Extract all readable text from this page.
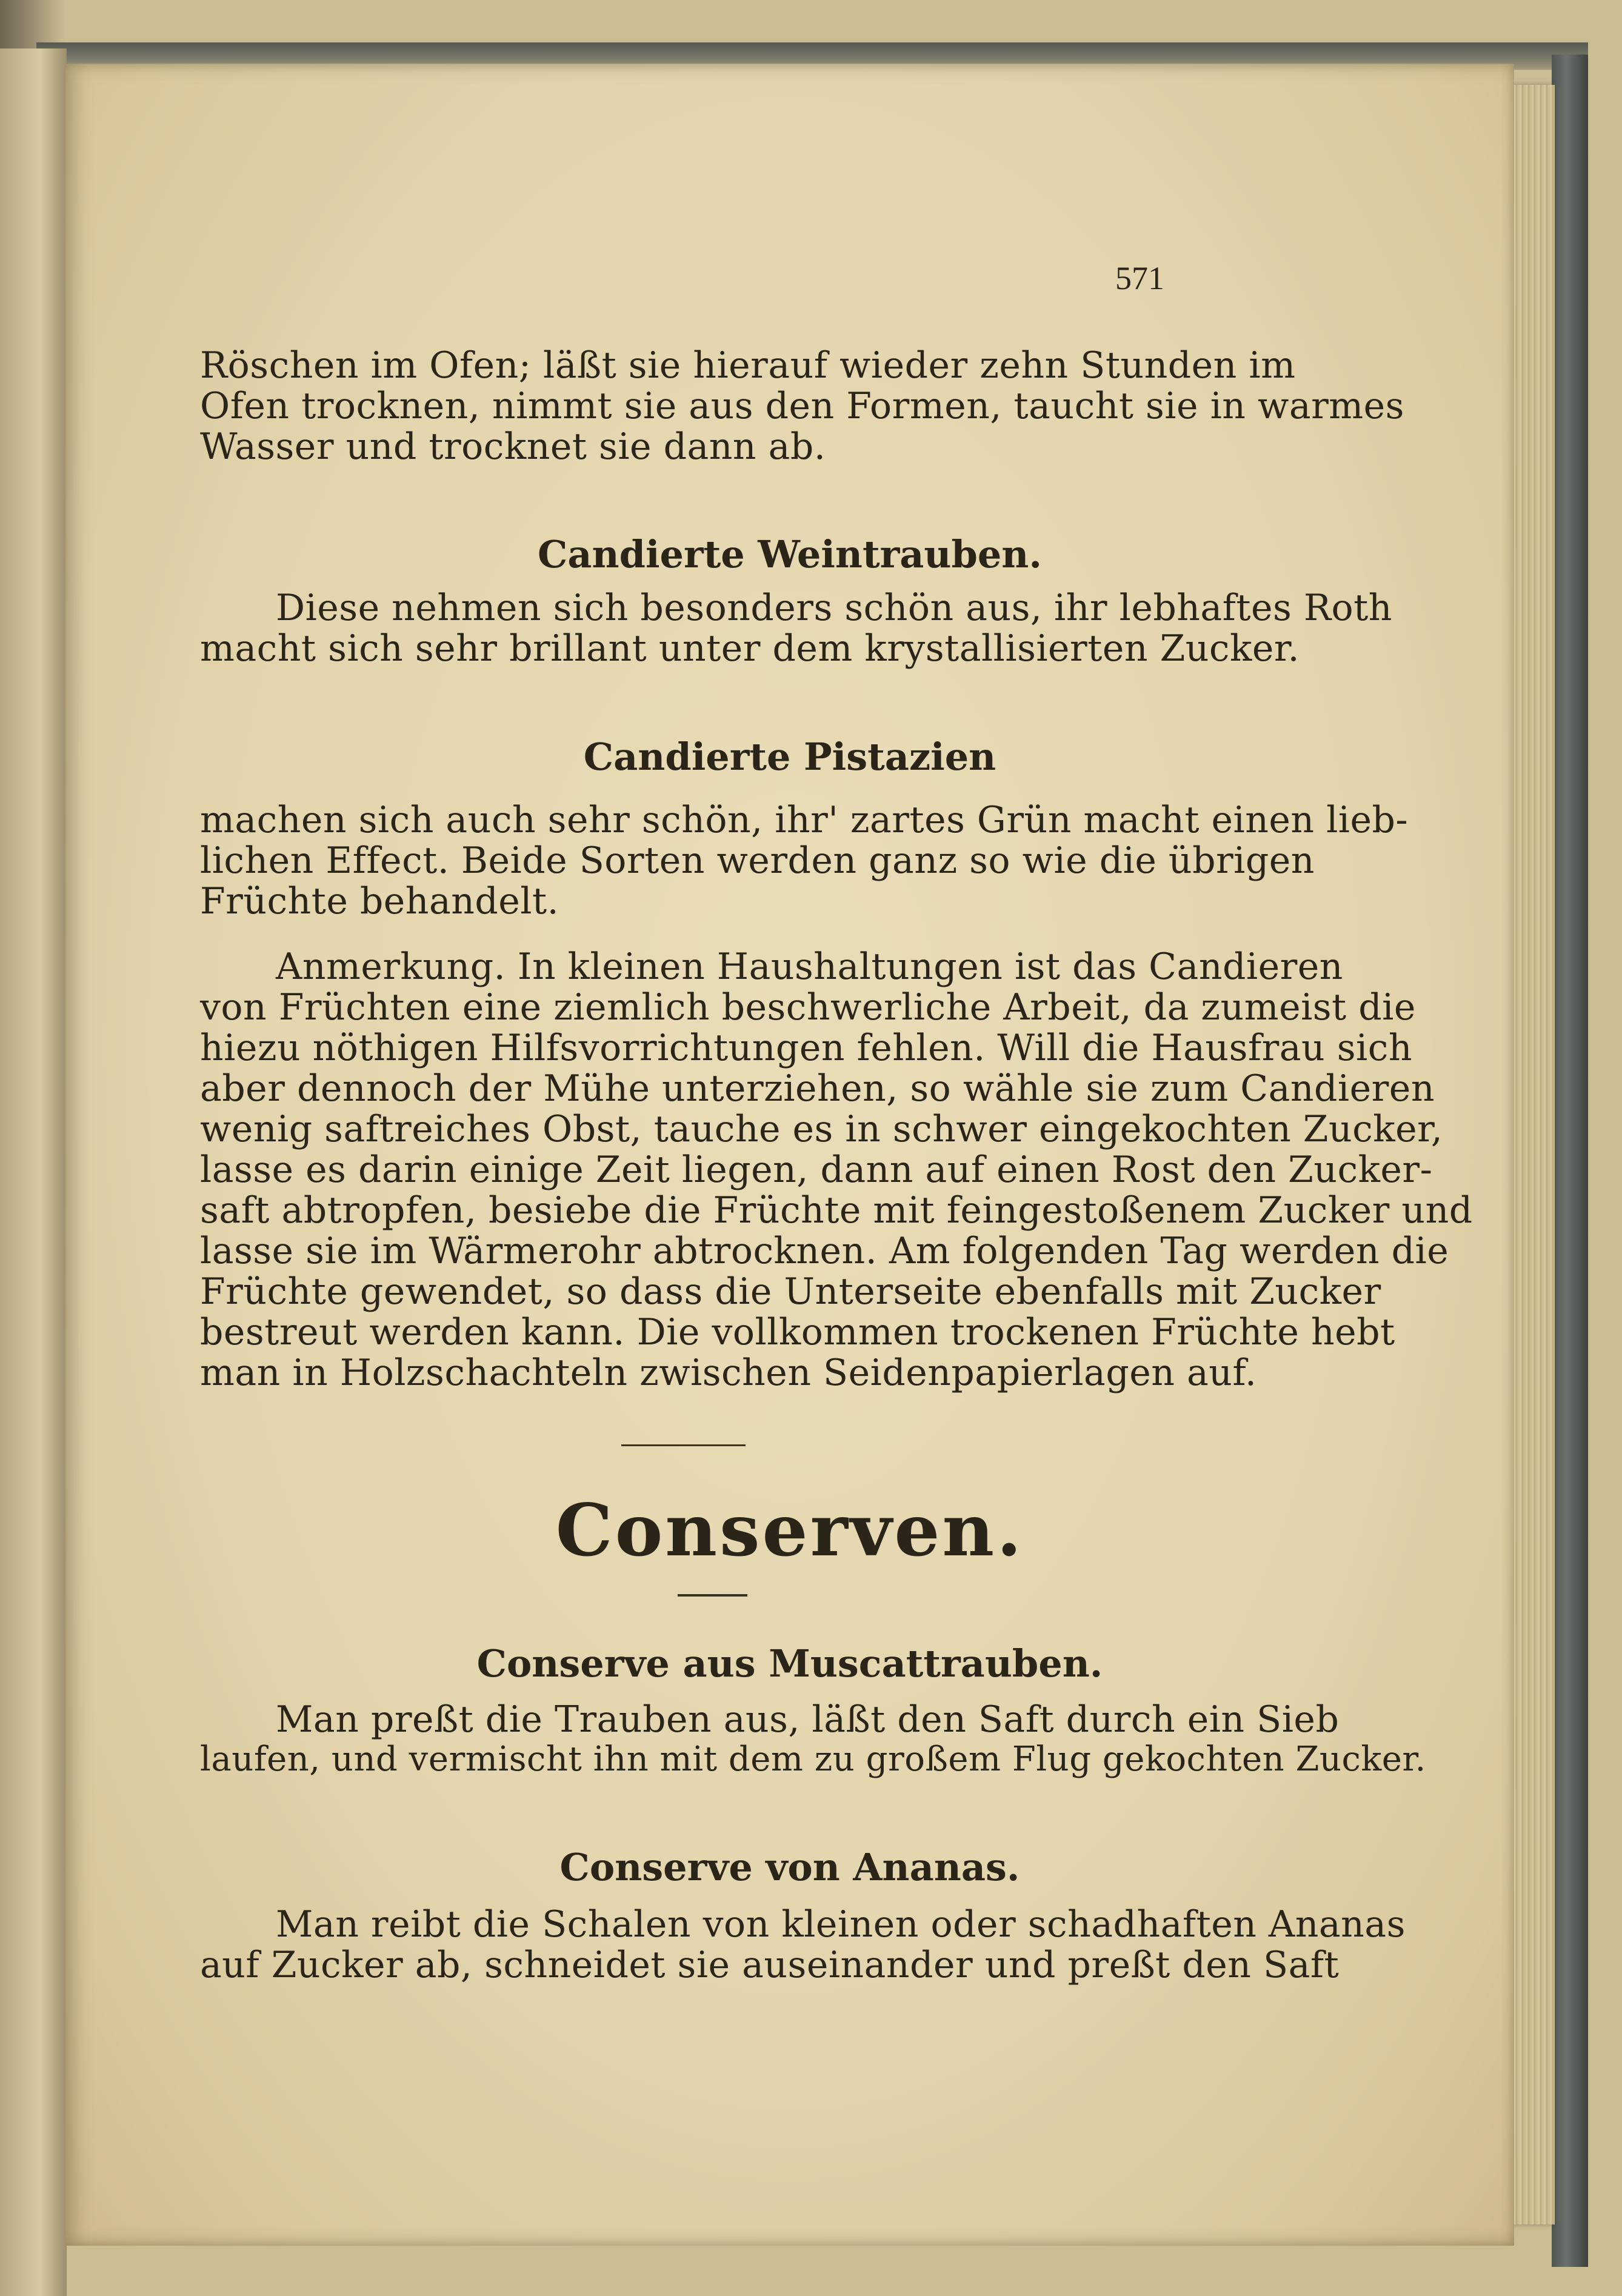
571
Röschen im Ofen; läßt sie hierauf wieder zehn Stunden im
Ofen trocknen, nimmt sie aus den Formen, taucht sie in warmes
Wasser und trocknet sie dann ab.
Candierte Weintrauben.
Diese nehmen sich besonders schön aus, ihr lebhaftes Roth
macht sich sehr brillant unter dem krystallisierten Zucker.
Candierte Pistazien
machen sich auch sehr schön, ihr' zartes Grün macht einen lieb-
lichen Effect. Beide Sorten werden ganz so wie die übrigen
Früchte behandelt.
Anmerkung. In kleinen Haushaltungen ist das Candieren
von Früchten eine ziemlich beschwerliche Arbeit, da zumeist die
hiezu nöthigen Hilfsvorrichtungen fehlen. Will die Hausfrau sich
aber dennoch der Mühe unterziehen, so wähle sie zum Candieren
wenig saftreiches Obst, tauche es in schwer eingekochten Zucker,
lasse es darin einige Zeit liegen, dann auf einen Rost den Zucker-
saft abtropfen, besiebe die Früchte mit feingestoßenem Zucker und
lasse sie im Wärmerohr abtrocknen. Am folgenden Tag werden die
Früchte gewendet, so dass die Unterseite ebenfalls mit Zucker
bestreut werden kann. Die vollkommen trockenen Früchte hebt
man in Holzschachteln zwischen Seidenpapierlagen auf.
Conserven.
Conserve aus Muscattrauben.
Man preßt die Trauben aus, läßt den Saft durch ein Sieb
laufen, und vermischt ihn mit dem zu großem Flug gekochten Zucker.
Conserve von Ananas.
Man reibt die Schalen von kleinen oder schadhaften Ananas
auf Zucker ab, schneidet sie auseinander und preßt den Saft
